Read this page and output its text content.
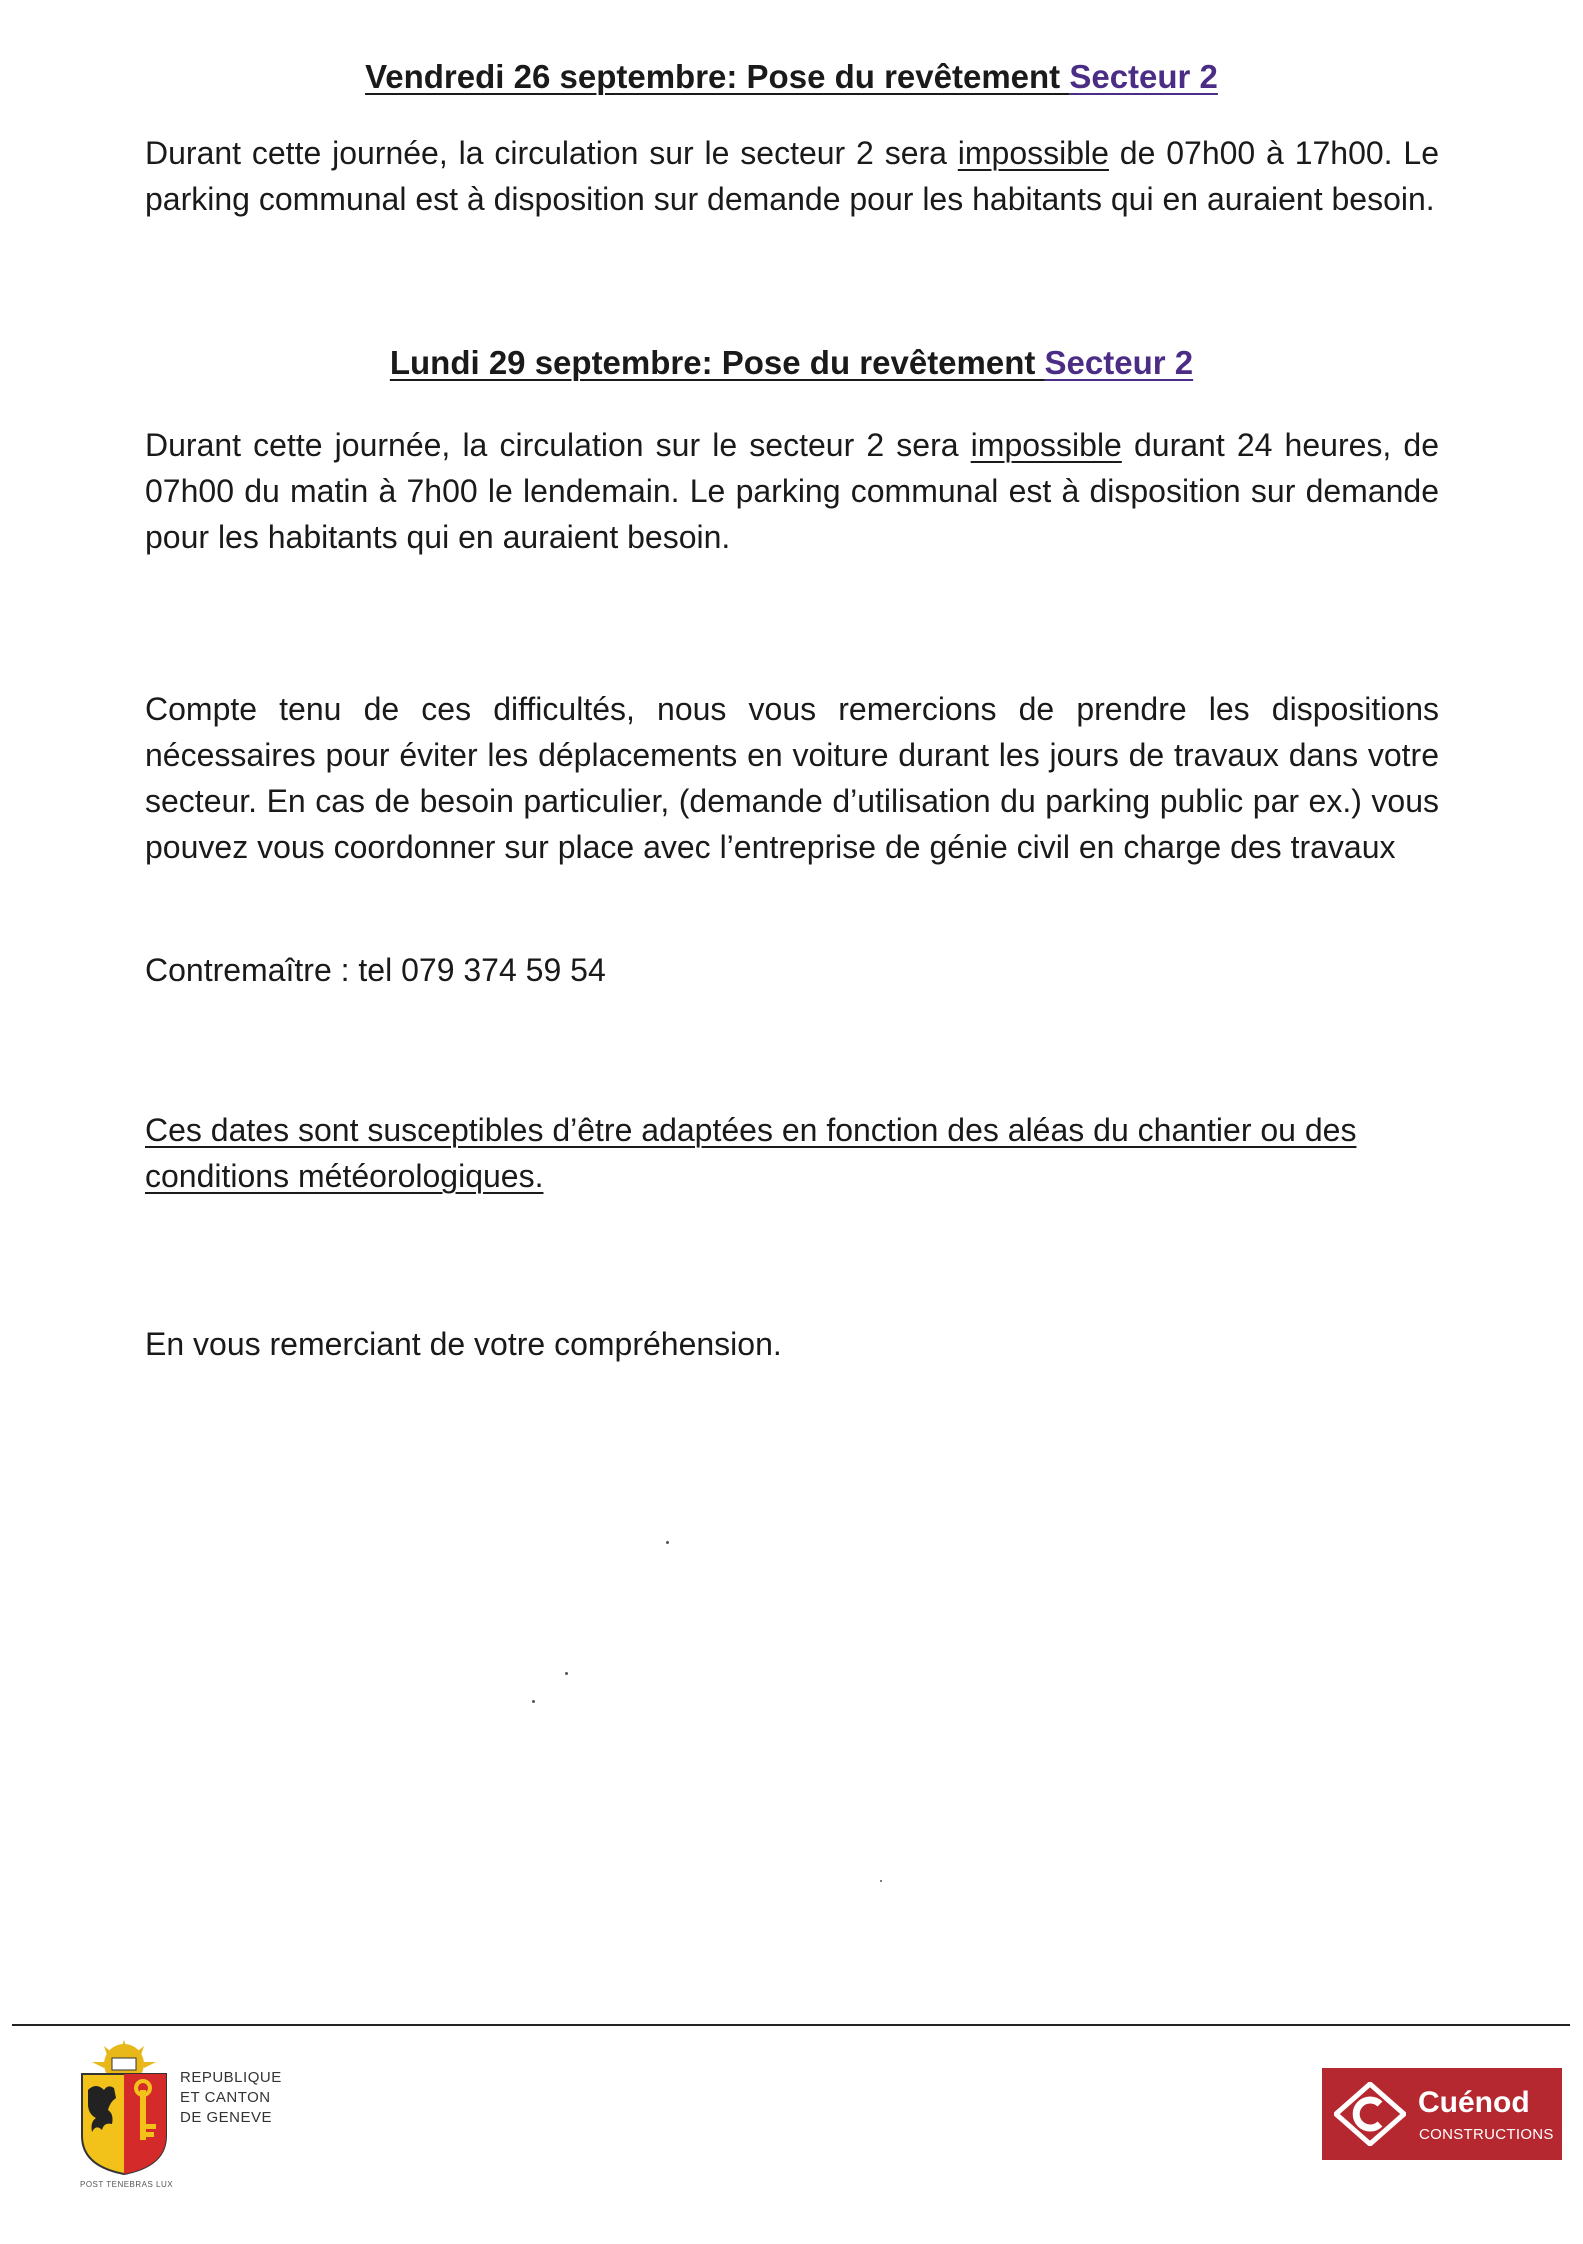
Vendredi 26 septembre: Pose du revêtement Secteur 2

Durant cette journée, la circulation sur le secteur 2 sera impossible de 07h00 à 17h00. Le parking communal est à disposition sur demande pour les habitants qui en auraient besoin.

Lundi 29 septembre: Pose du revêtement Secteur 2

Durant cette journée, la circulation sur le secteur 2 sera impossible durant 24 heures, de 07h00 du matin à 7h00 le lendemain. Le parking communal est à disposition sur demande pour les habitants qui en auraient besoin.

Compte tenu de ces difficultés, nous vous remercions de prendre les dispositions nécessaires pour éviter les déplacements en voiture durant les jours de travaux dans votre secteur. En cas de besoin particulier, (demande d’utilisation du parking public par ex.) vous pouvez vous coordonner sur place avec l’entreprise de génie civil en charge des travaux

Contremaître : tel 079 374 59 54

Ces dates sont susceptibles d’être adaptées en fonction des aléas du chantier ou des conditions météorologiques.

En vous remerciant de votre compréhension.

REPUBLIQUE
ET CANTON
DE GENEVE
POST TENEBRAS LUX
Cuénod
CONSTRUCTIONS
